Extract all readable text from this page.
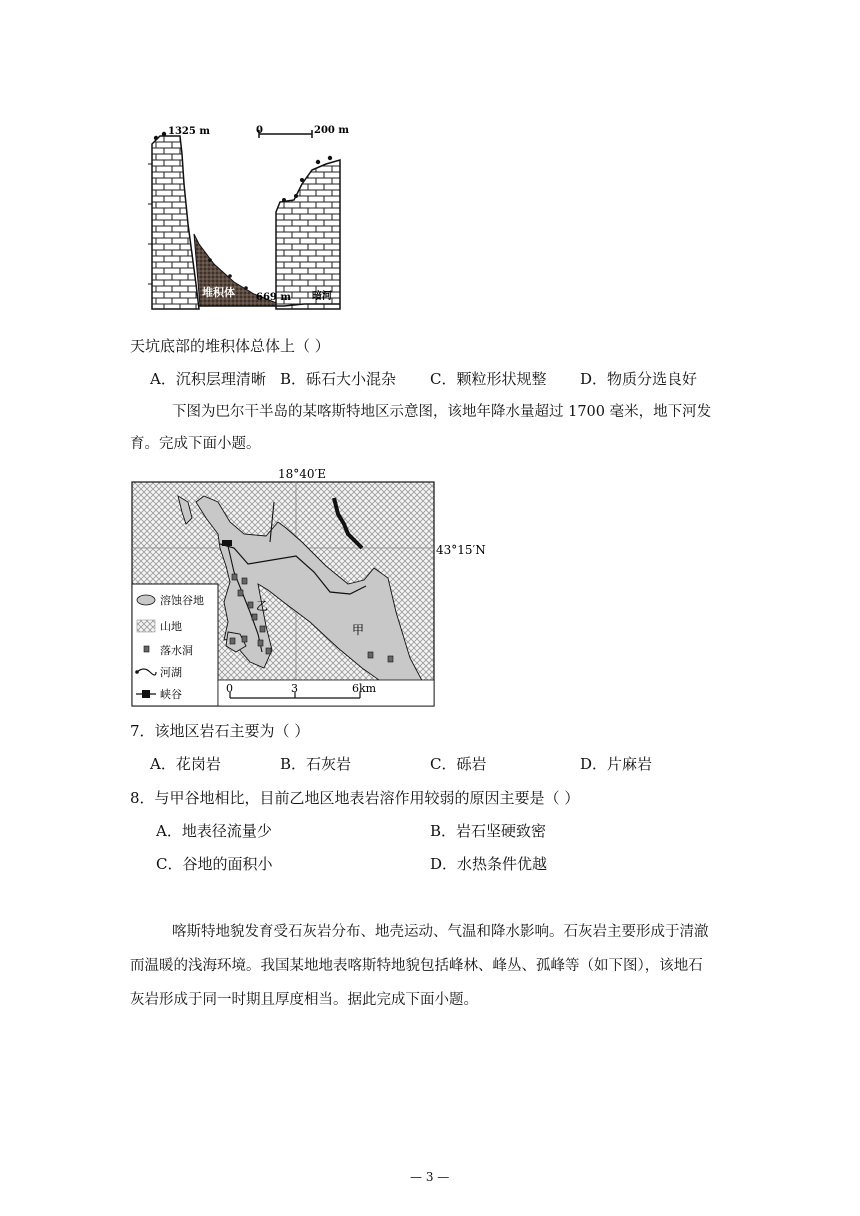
1325 m	0	200 m
堆积体 669 m 暗河
天坑底部的堆积体总体上（ ）
A．沉积层理清晰 B．砾石大小混杂 C．颗粒形状规整 D．物质分选良好
下图为巴尔干半岛的某喀斯特地区示意图，该地年降水量超过 1700 毫米，地下河发
育。完成下面小题。
18°40′E
43°15′N
甲
乙
溶蚀谷地
山地
落水洞
河湖
峡谷	0	3	6km
7．该地区岩石主要为（ ）
A．花岗岩	B．石灰岩	C．砾岩	D．片麻岩
8．与甲谷地相比，目前乙地区地表岩溶作用较弱的原因主要是（ ）
A．地表径流量少	B．岩石坚硬致密
C．谷地的面积小	D．水热条件优越
喀斯特地貌发育受石灰岩分布、地壳运动、气温和降水影响。石灰岩主要形成于清澈
而温暖的浅海环境。我国某地地表喀斯特地貌包括峰林、峰丛、孤峰等（如下图），该地石
灰岩形成于同一时期且厚度相当。据此完成下面小题。
— 3 —
